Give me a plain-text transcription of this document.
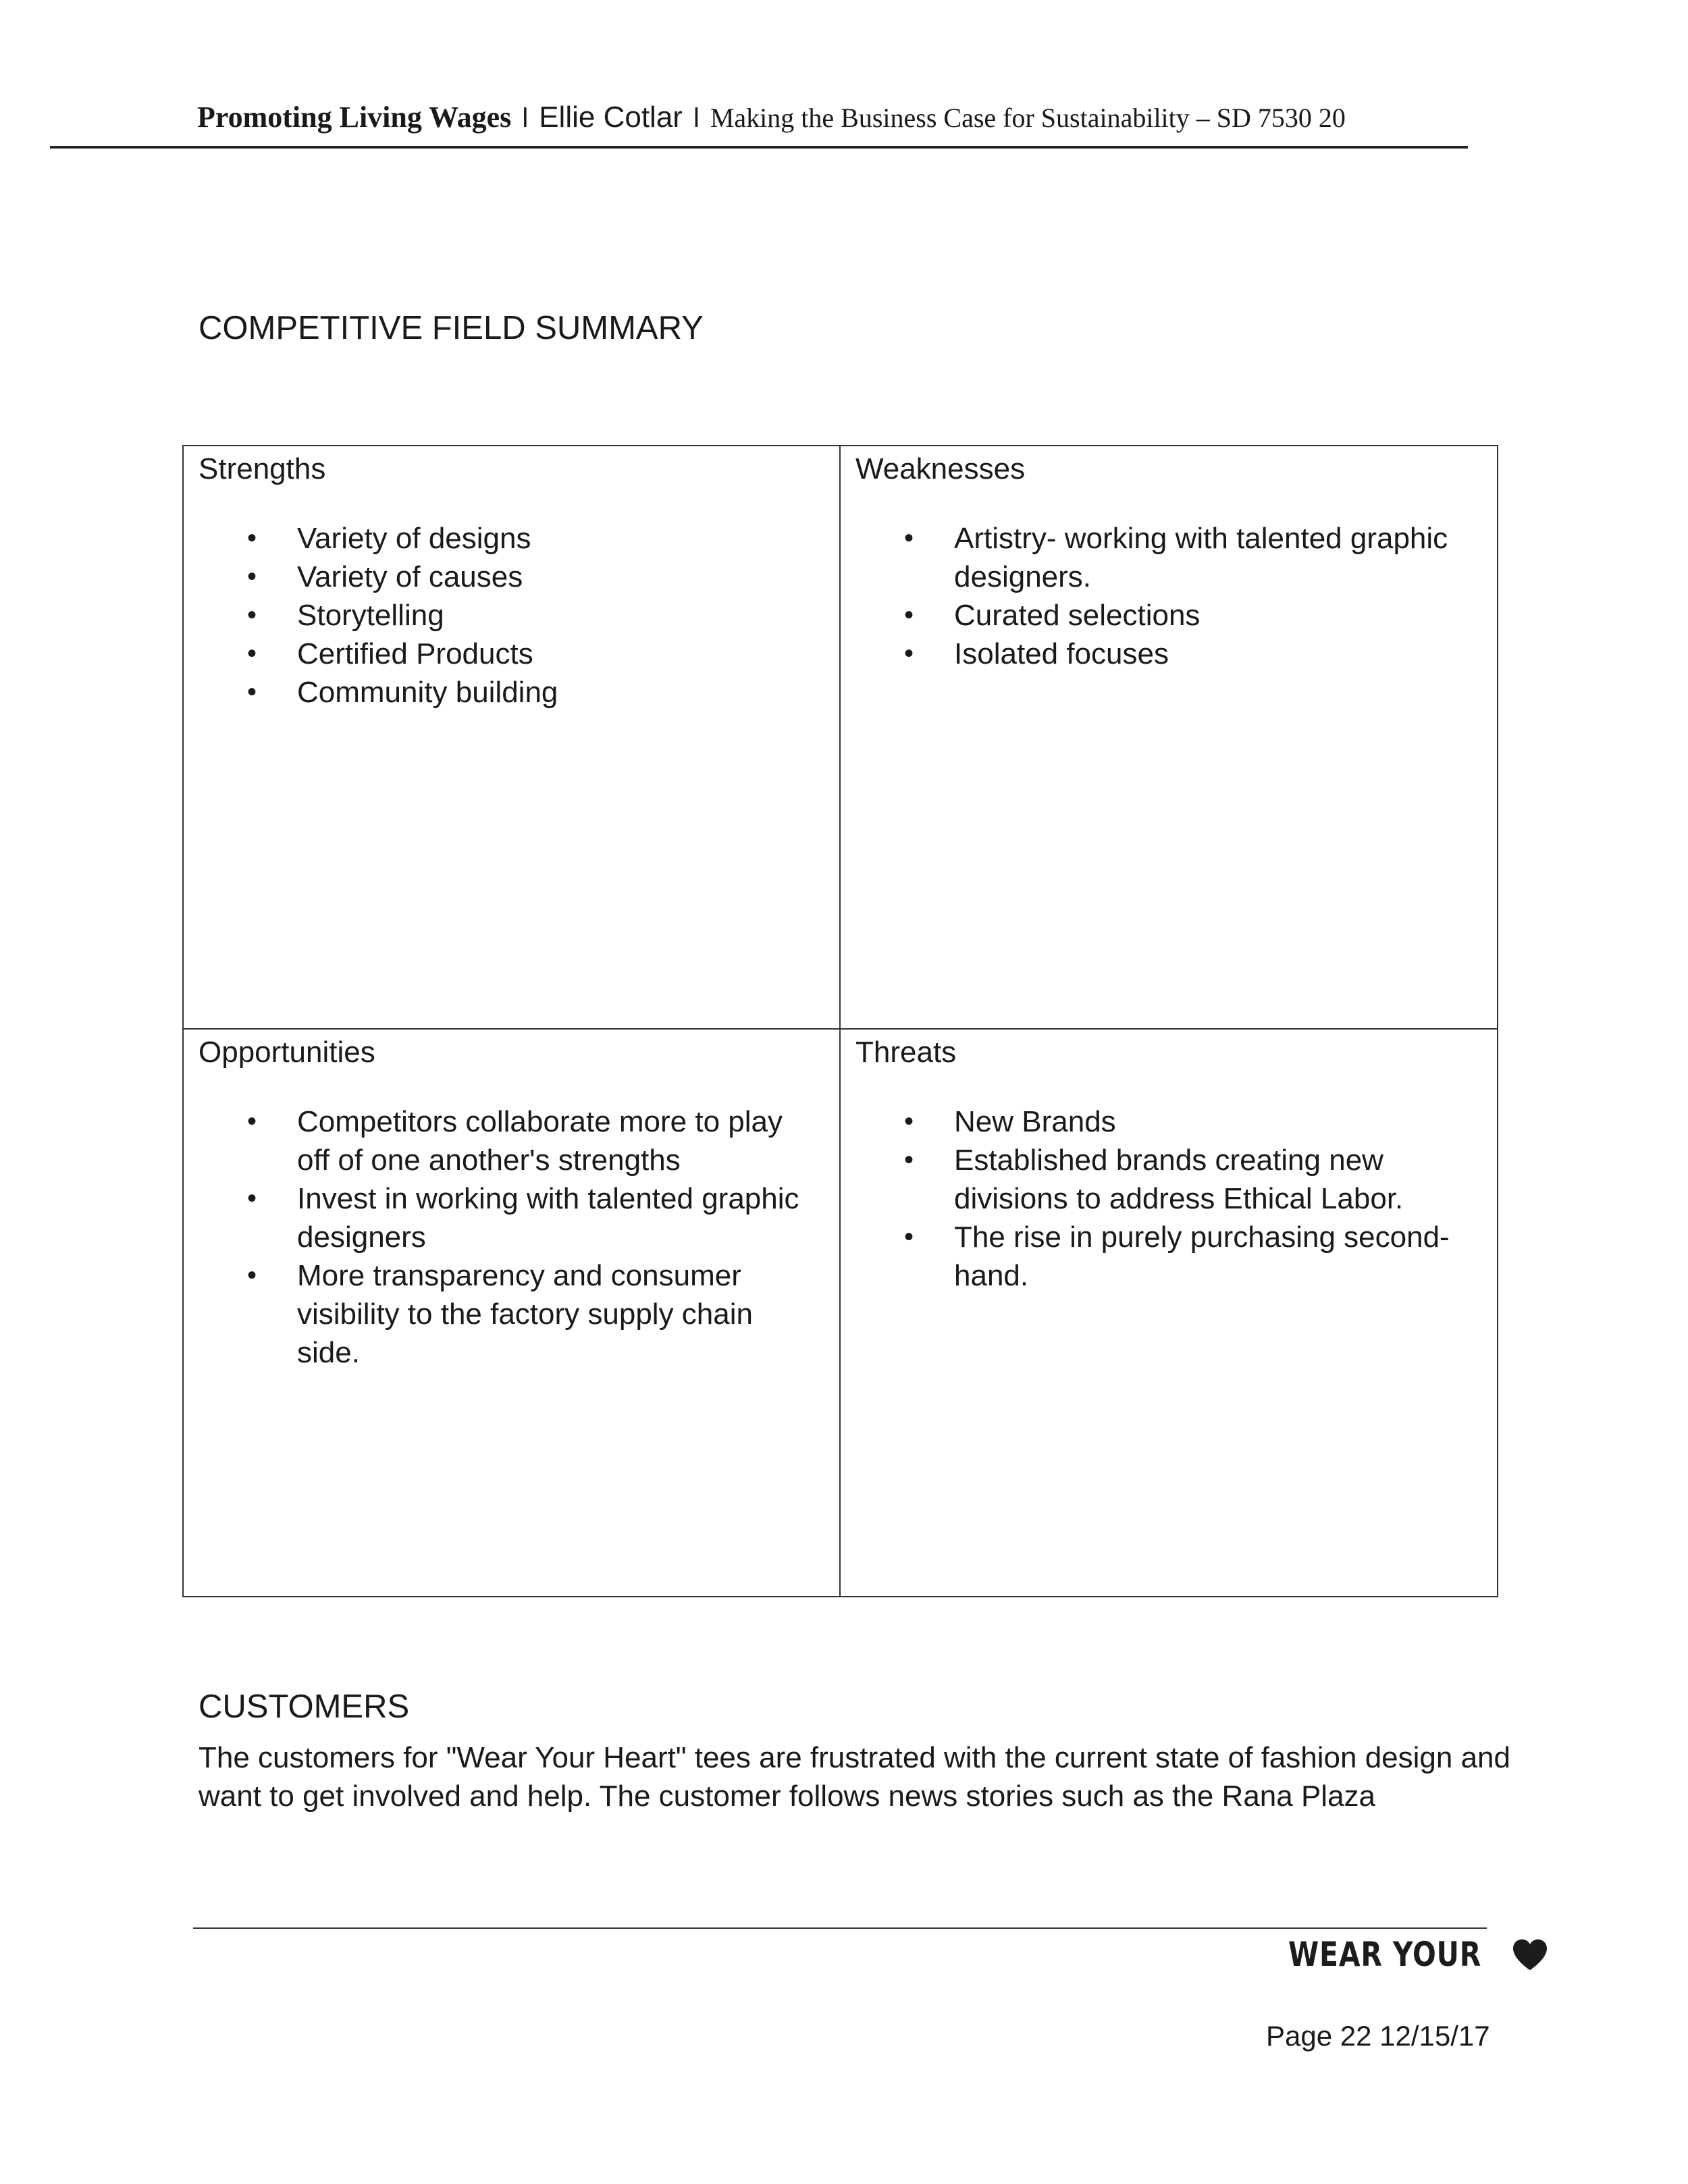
Promoting Living Wages l Ellie Cotlar l Making the Business Case for Sustainability – SD 7530 20
COMPETITIVE FIELD SUMMARY
Strengths
• Variety of designs
• Variety of causes
• Storytelling
• Certified Products
• Community building
Weaknesses
• Artistry- working with talented graphic designers.
• Curated selections
• Isolated focuses
Opportunities
• Competitors collaborate more to play off of one another's strengths
• Invest in working with talented graphic designers
• More transparency and consumer visibility to the factory supply chain side.
Threats
• New Brands
• Established brands creating new divisions to address Ethical Labor.
• The rise in purely purchasing second-hand.
CUSTOMERS
The customers for "Wear Your Heart" tees are frustrated with the current state of fashion design and want to get involved and help. The customer follows news stories such as the Rana Plaza
WEAR YOUR
Page 22 12/15/17
